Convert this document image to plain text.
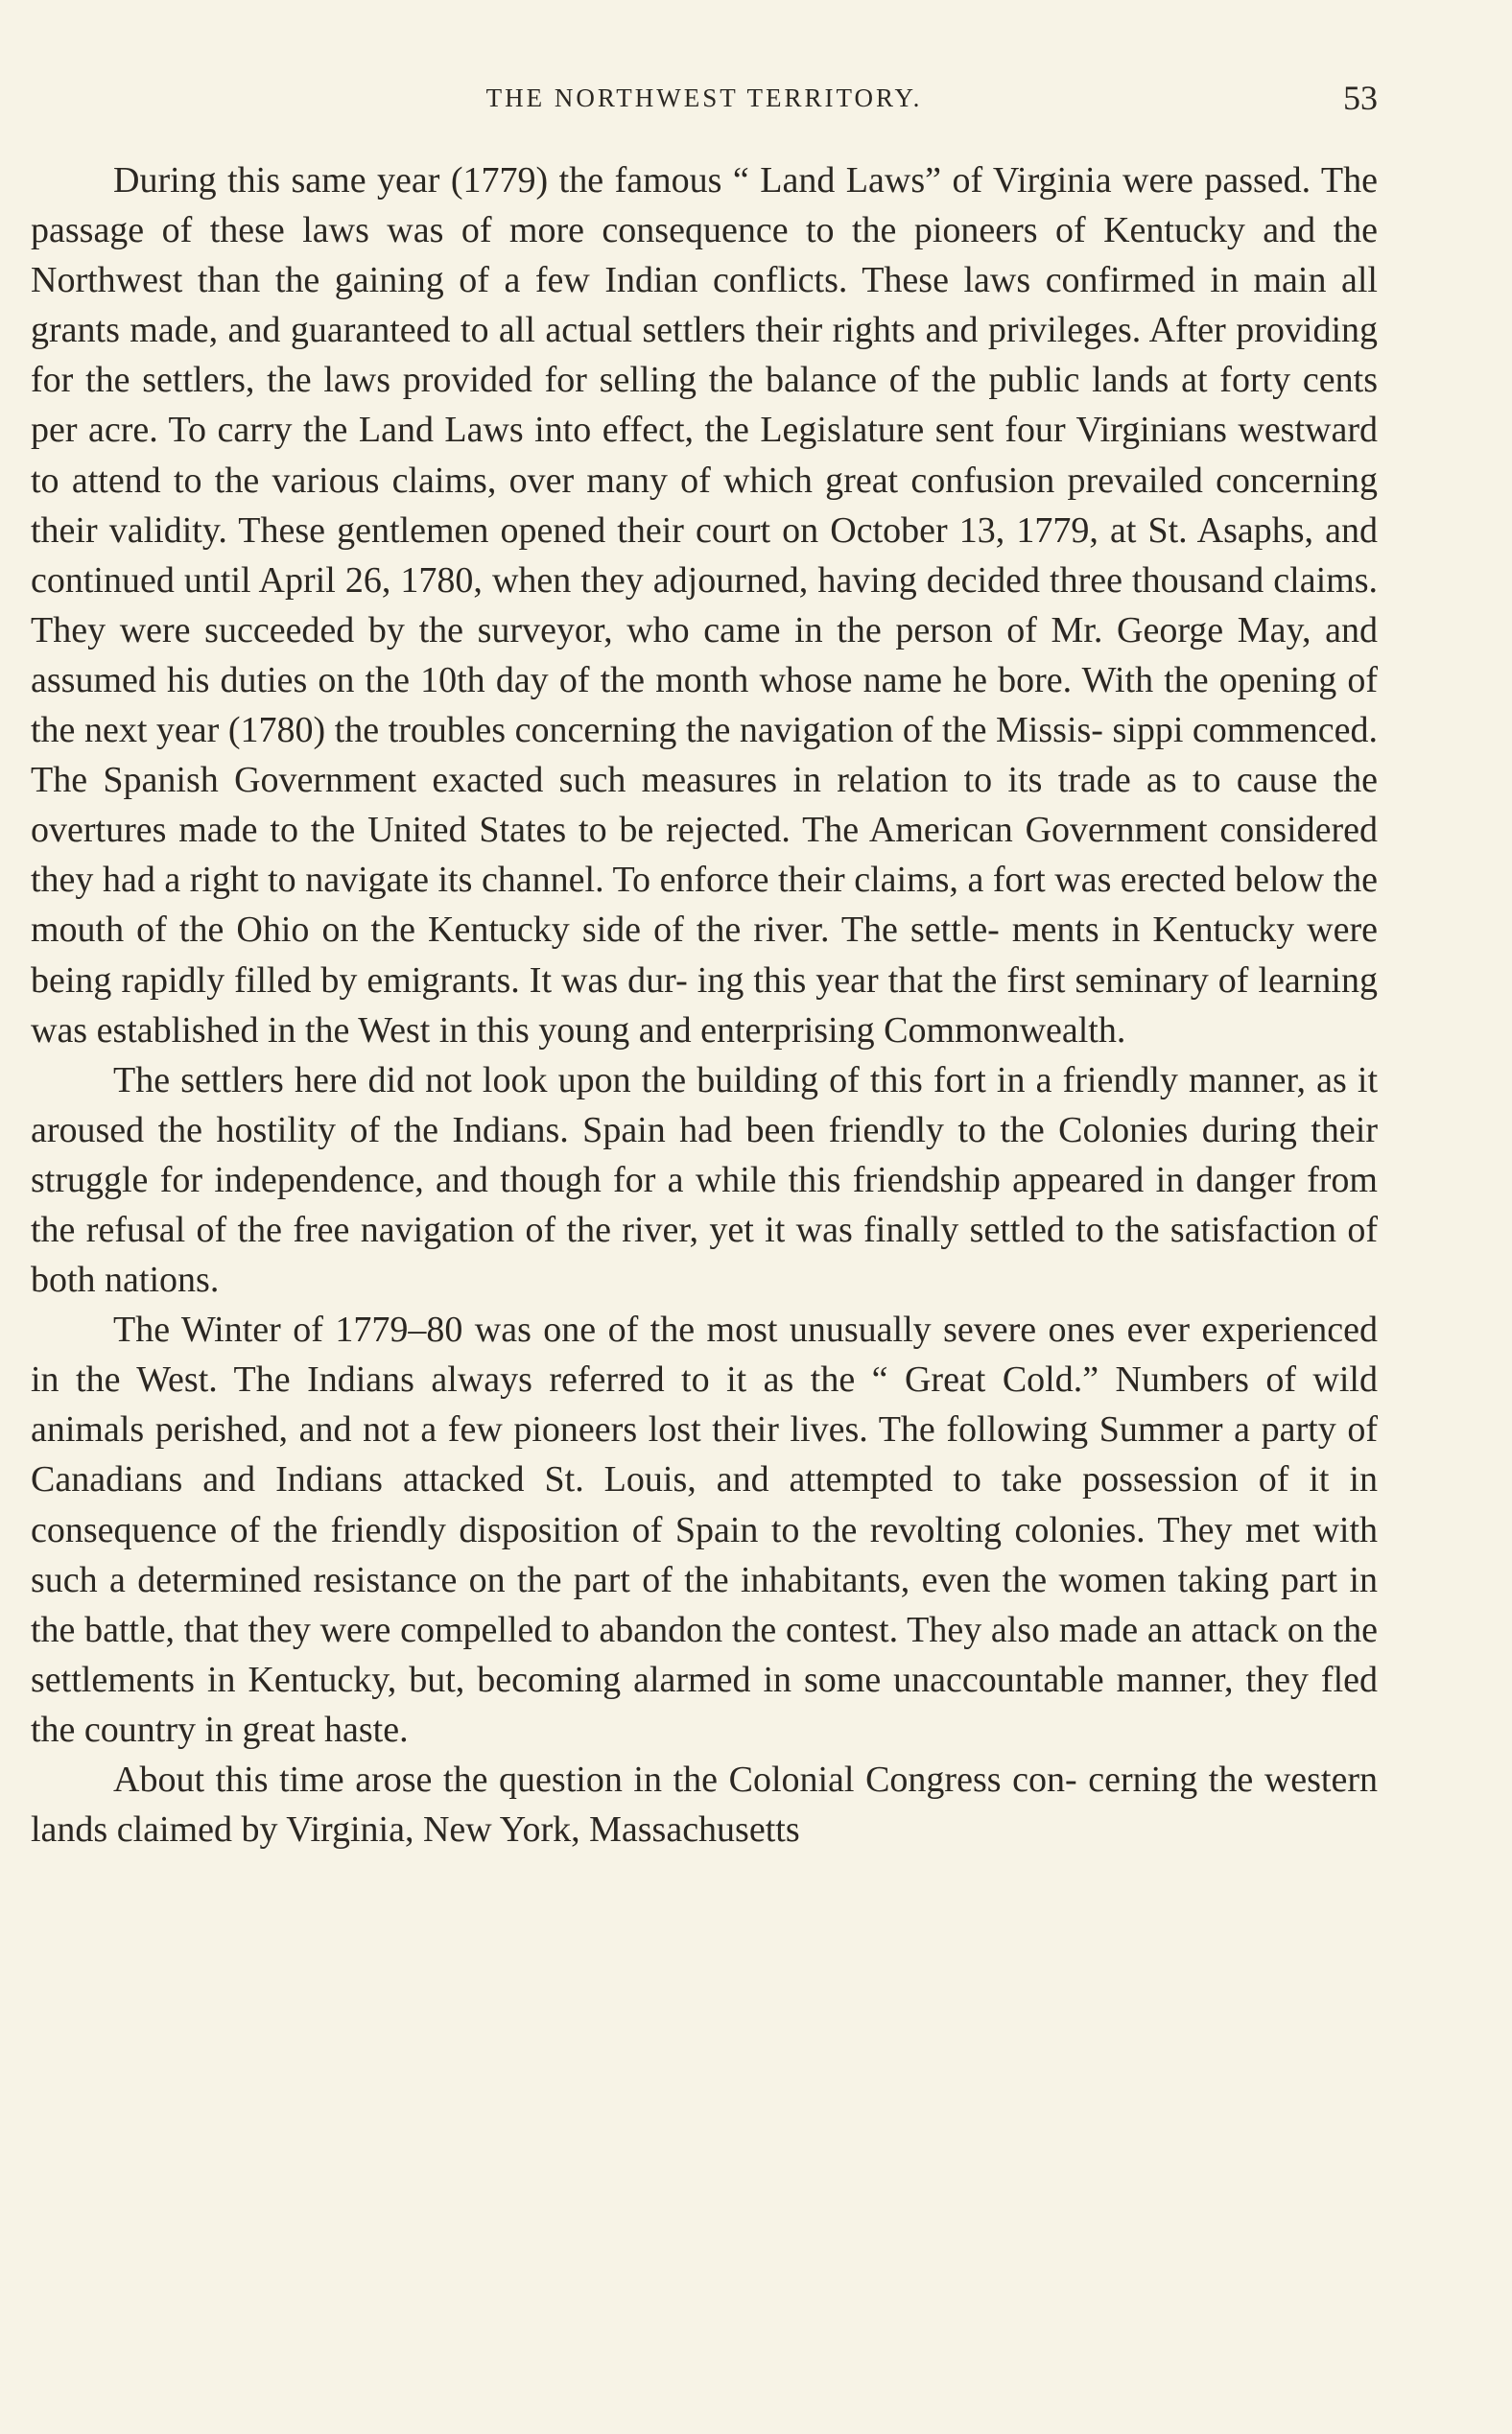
THE NORTHWEST TERRITORY.	53

During this same year (1779) the famous “ Land Laws” of Virginia were passed. The passage of these laws was of more consequence to the pioneers of Kentucky and the Northwest than the gaining of a few Indian conflicts. These laws confirmed in main all grants made, and guaranteed to all actual settlers their rights and privileges. After providing for the settlers, the laws provided for selling the balance of the public lands at forty cents per acre. To carry the Land Laws into effect, the Legislature sent four Virginians westward to attend to the various claims, over many of which great confusion prevailed concerning their validity. These gentlemen opened their court on October 13, 1779, at St. Asaphs, and continued until April 26, 1780, when they adjourned, having decided three thousand claims. They were succeeded by the surveyor, who came in the person of Mr. George May, and assumed his duties on the 10th day of the month whose name he bore. With the opening of the next year (1780) the troubles concerning the navigation of the Missis- sippi commenced. The Spanish Government exacted such measures in relation to its trade as to cause the overtures made to the United States to be rejected. The American Government considered they had a right to navigate its channel. To enforce their claims, a fort was erected below the mouth of the Ohio on the Kentucky side of the river. The settle- ments in Kentucky were being rapidly filled by emigrants. It was dur- ing this year that the first seminary of learning was established in the West in this young and enterprising Commonwealth.

The settlers here did not look upon the building of this fort in a friendly manner, as it aroused the hostility of the Indians. Spain had been friendly to the Colonies during their struggle for independence, and though for a while this friendship appeared in danger from the refusal of the free navigation of the river, yet it was finally settled to the satisfaction of both nations.

The Winter of 1779–80 was one of the most unusually severe ones ever experienced in the West. The Indians always referred to it as the “ Great Cold.” Numbers of wild animals perished, and not a few pioneers lost their lives. The following Summer a party of Canadians and Indians attacked St. Louis, and attempted to take possession of it in consequence of the friendly disposition of Spain to the revolting colonies. They met with such a determined resistance on the part of the inhabitants, even the women taking part in the battle, that they were compelled to abandon the contest. They also made an attack on the settlements in Kentucky, but, becoming alarmed in some unaccountable manner, they fled the country in great haste.

About this time arose the question in the Colonial Congress con- cerning the western lands claimed by Virginia, New York, Massachusetts
